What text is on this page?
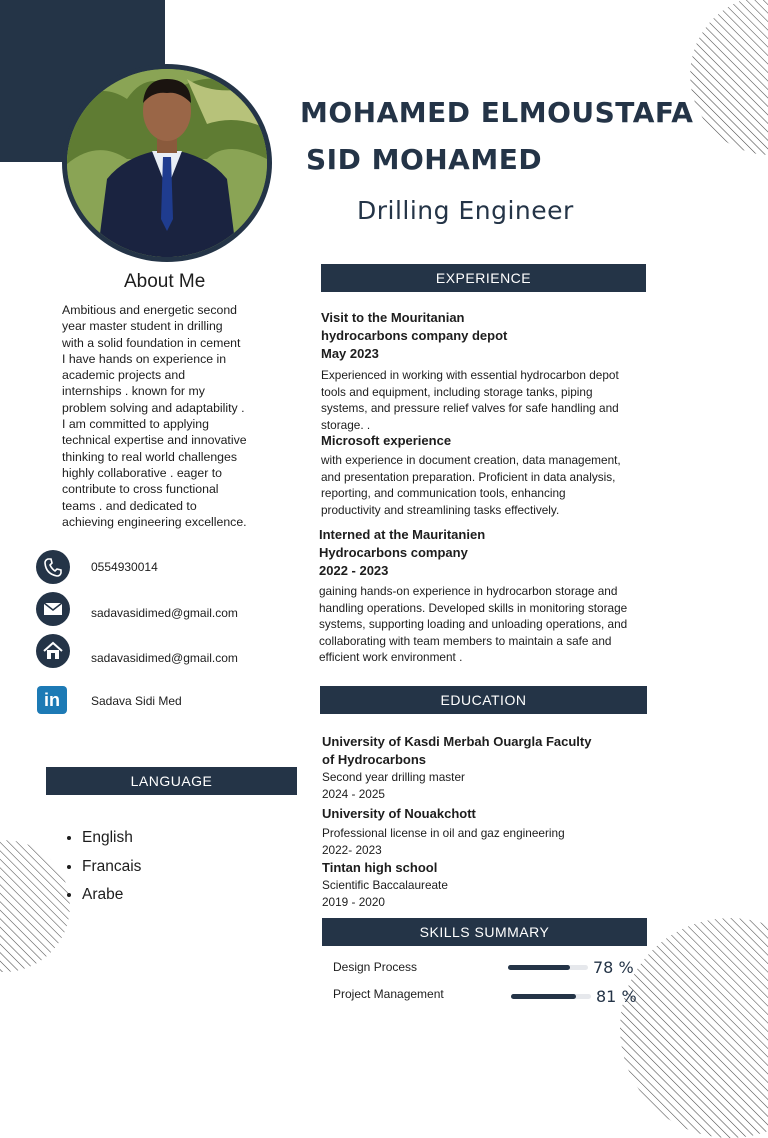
MOHAMED ELMOUSTAFA
SID MOHAMED
Drilling Engineer
About Me
Ambitious and energetic second
year master student in drilling
with a solid foundation in cement
I have hands on experience in
academic projects and
internships . known for my
problem solving and adaptability .
I am committed to applying
technical expertise and innovative
thinking to real world challenges
highly collaborative . eager to
contribute to cross functional
teams . and dedicated to
achieving engineering excellence.
0554930014
sadavasidimed@gmail.com
sadavasidimed@gmail.com
in	Sadava Sidi Med
LANGUAGE
• English
• Francais
• Arabe
EXPERIENCE
Visit to the Mouritanian
hydrocarbons company depot
May 2023
Experienced in working with essential hydrocarbon depot
tools and equipment, including storage tanks, piping
systems, and pressure relief valves for safe handling and
storage. .
Microsoft experience
with experience in document creation, data management,
and presentation preparation. Proficient in data analysis,
reporting, and communication tools, enhancing
productivity and streamlining tasks effectively.
Interned at the Mauritanien
Hydrocarbons company
2022 - 2023
gaining hands-on experience in hydrocarbon storage and
handling operations. Developed skills in monitoring storage
systems, supporting loading and unloading operations, and
collaborating with team members to maintain a safe and
efficient work environment .
EDUCATION
University of Kasdi Merbah Ouargla Faculty
of Hydrocarbons
Second year drilling master
2024 - 2025
University of Nouakchott
Professional license in oil and gaz engineering
2022- 2023
Tintan high school
Scientific Baccalaureate
2019 - 2020
SKILLS SUMMARY
Design Process	78 %
Project Management	81 %
